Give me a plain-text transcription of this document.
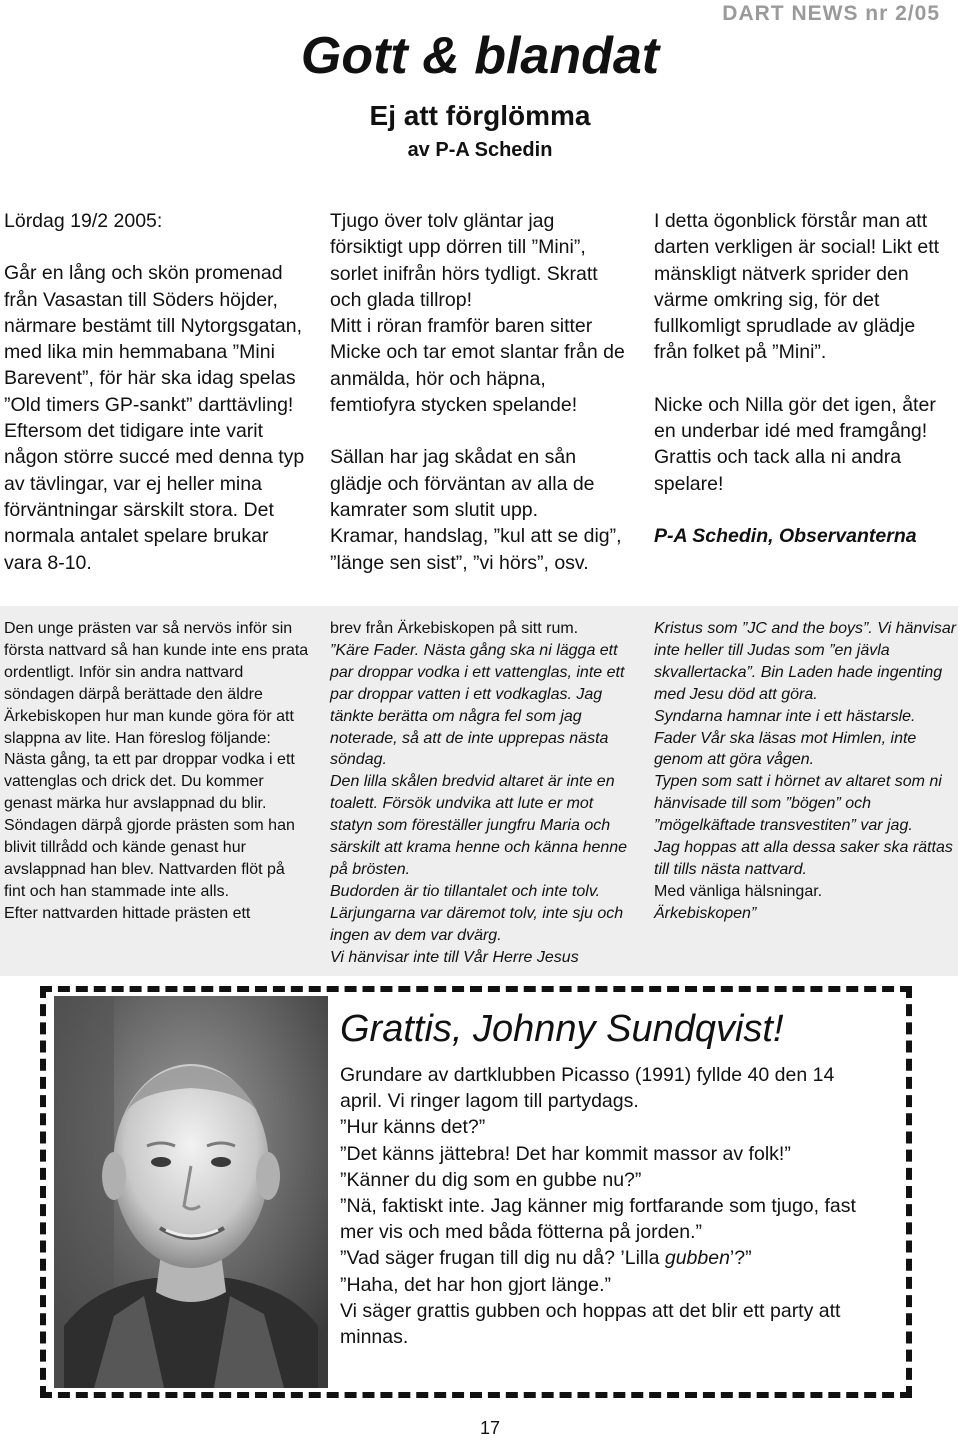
DART NEWS nr 2/05
Gott & blandat
Ej att förglömma
av P-A Schedin

Lördag 19/2 2005:

Går en lång och skön promenad från Vasastan till Söders höjder, närmare bestämt till Nytorgsgatan, med lika min hemmabana ”Mini Barevent”, för här ska idag spelas ”Old timers GP-sankt” darttävling! Eftersom det tidigare inte varit någon större succé med denna typ av tävlingar, var ej heller mina förväntningar särskilt stora. Det normala antalet spelare brukar vara 8-10.

Tjugo över tolv gläntar jag försiktigt upp dörren till ”Mini”, sorlet inifrån hörs tydligt. Skratt och glada tillrop!

Mitt i röran framför baren sitter Micke och tar emot slantar från de anmälda, hör och häpna, femtiofyra stycken spelande!

Sällan har jag skådat en sån glädje och förväntan av alla de kamrater som slutit upp.

Kramar, handslag, ”kul att se dig”, ”länge sen sist”, ”vi hörs”, osv.

I detta ögonblick förstår man att darten verkligen är social! Likt ett mänskligt nätverk sprider den värme omkring sig, för det fullkomligt sprudlade av glädje från folket på ”Mini”.

Nicke och Nilla gör det igen, åter en underbar idé med framgång!

Grattis och tack alla ni andra spelare!

P-A Schedin, Observanterna

Den unge prästen var så nervös inför sin första nattvard så han kunde inte ens prata ordentligt. Inför sin andra nattvard söndagen därpå berättade den äldre Ärkebiskopen hur man kunde göra för att slappna av lite. Han föreslog följande:

Nästa gång, ta ett par droppar vodka i ett vattenglas och drick det. Du kommer genast märka hur avslappnad du blir.

Söndagen därpå gjorde prästen som han blivit tillrådd och kände genast hur avslappnad han blev. Nattvarden flöt på fint och han stammade inte alls.

Efter nattvarden hittade prästen ett

brev från Ärkebiskopen på sitt rum.

”Käre Fader. Nästa gång ska ni lägga ett par droppar vodka i ett vattenglas, inte ett par droppar vatten i ett vodkaglas. Jag tänkte berätta om några fel som jag noterade, så att de inte upprepas nästa söndag.

Den lilla skålen bredvid altaret är inte en toalett. Försök undvika att lute er mot statyn som föreställer jungfru Maria och särskilt att krama henne och känna henne på brösten.

Budorden är tio tillantalet och inte tolv. Lärjungarna var däremot tolv, inte sju och ingen av dem var dvärg.

Vi hänvisar inte till Vår Herre Jesus

Kristus som ”JC and the boys”. Vi hänvisar inte heller till Judas som ”en jävla skvallertacka”. Bin Laden hade ingenting med Jesu död att göra.

Syndarna hamnar inte i ett hästarsle.

Fader Vår ska läsas mot Himlen, inte genom att göra vågen.

Typen som satt i hörnet av altaret som ni hänvisade till som ”bögen” och ”mögelkäftade transvestiten” var jag.

Jag hoppas att alla dessa saker ska rättas till tills nästa nattvard.

Med vänliga hälsningar.

Ärkebiskopen”

Grattis, Johnny Sundqvist!

Grundare av dartklubben Picasso (1991) fyllde 40 den 14 april. Vi ringer lagom till partydags.

”Hur känns det?”

”Det känns jättebra! Det har kommit massor av folk!”

”Känner du dig som en gubbe nu?”

”Nä, faktiskt inte. Jag känner mig fortfarande som tjugo, fast mer vis och med båda fötterna på jorden.”

”Vad säger frugan till dig nu då? ’Lilla gubben’?”

”Haha, det har hon gjort länge.”

Vi säger grattis gubben och hoppas att det blir ett party att minnas.

17
